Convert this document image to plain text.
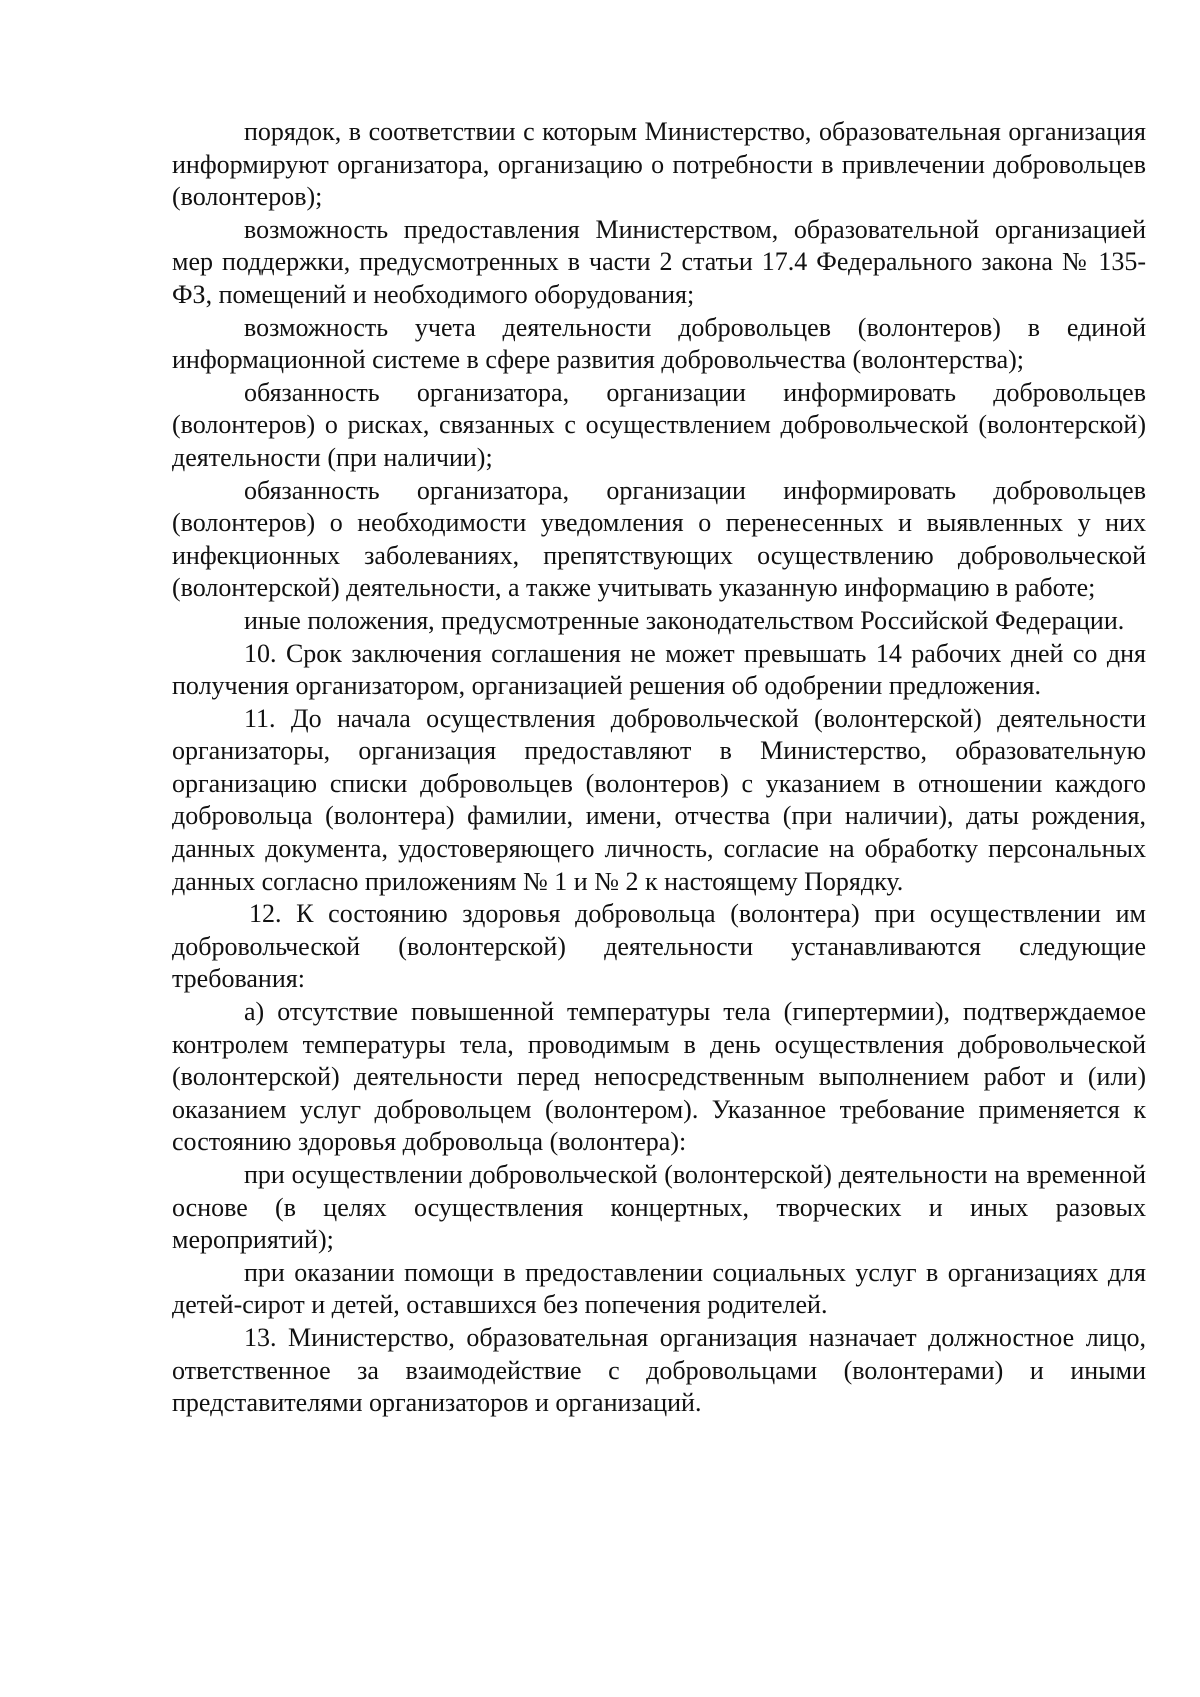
порядок, в соответствии с которым Министерство, образовательная организация информируют организатора, организацию о потребности в привлечении добровольцев (волонтеров);

возможность предоставления Министерством, образовательной организацией мер поддержки, предусмотренных в части 2 статьи 17.4 Федерального закона № 135-ФЗ, помещений и необходимого оборудования;

возможность учета деятельности добровольцев (волонтеров) в единой информационной системе в сфере развития добровольчества (волонтерства);

обязанность организатора, организации информировать добровольцев (волонтеров) о рисках, связанных с осуществлением добровольческой (волонтерской) деятельности (при наличии);

обязанность организатора, организации информировать добровольцев (волонтеров) о необходимости уведомления о перенесенных и выявленных у них инфекционных заболеваниях, препятствующих осуществлению добровольческой (волонтерской) деятельности, а также учитывать указанную информацию в работе;

иные положения, предусмотренные законодательством Российской Федерации.

10. Срок заключения соглашения не может превышать 14 рабочих дней со дня получения организатором, организацией решения об одобрении предложения.

11. До начала осуществления добровольческой (волонтерской) деятельности организаторы, организация предоставляют в Министерство, образовательную организацию списки добровольцев (волонтеров) с указанием в отношении каждого добровольца (волонтера) фамилии, имени, отчества (при наличии), даты рождения, данных документа, удостоверяющего личность, согласие на обработку персональных данных согласно приложениям № 1 и № 2 к настоящему Порядку.

12. К состоянию здоровья добровольца (волонтера) при осуществлении им добровольческой (волонтерской) деятельности устанавливаются следующие требования:

а) отсутствие повышенной температуры тела (гипертермии), подтверждаемое контролем температуры тела, проводимым в день осуществления добровольческой (волонтерской) деятельности перед непосредственным выполнением работ и (или) оказанием услуг добровольцем (волонтером). Указанное требование применяется к состоянию здоровья добровольца (волонтера):

при осуществлении добровольческой (волонтерской) деятельности на временной основе (в целях осуществления концертных, творческих и иных разовых мероприятий);

при оказании помощи в предоставлении социальных услуг в организациях для детей-сирот и детей, оставшихся без попечения родителей.

13. Министерство, образовательная организация назначает должностное лицо, ответственное за взаимодействие с добровольцами (волонтерами) и иными представителями организаторов и организаций.
